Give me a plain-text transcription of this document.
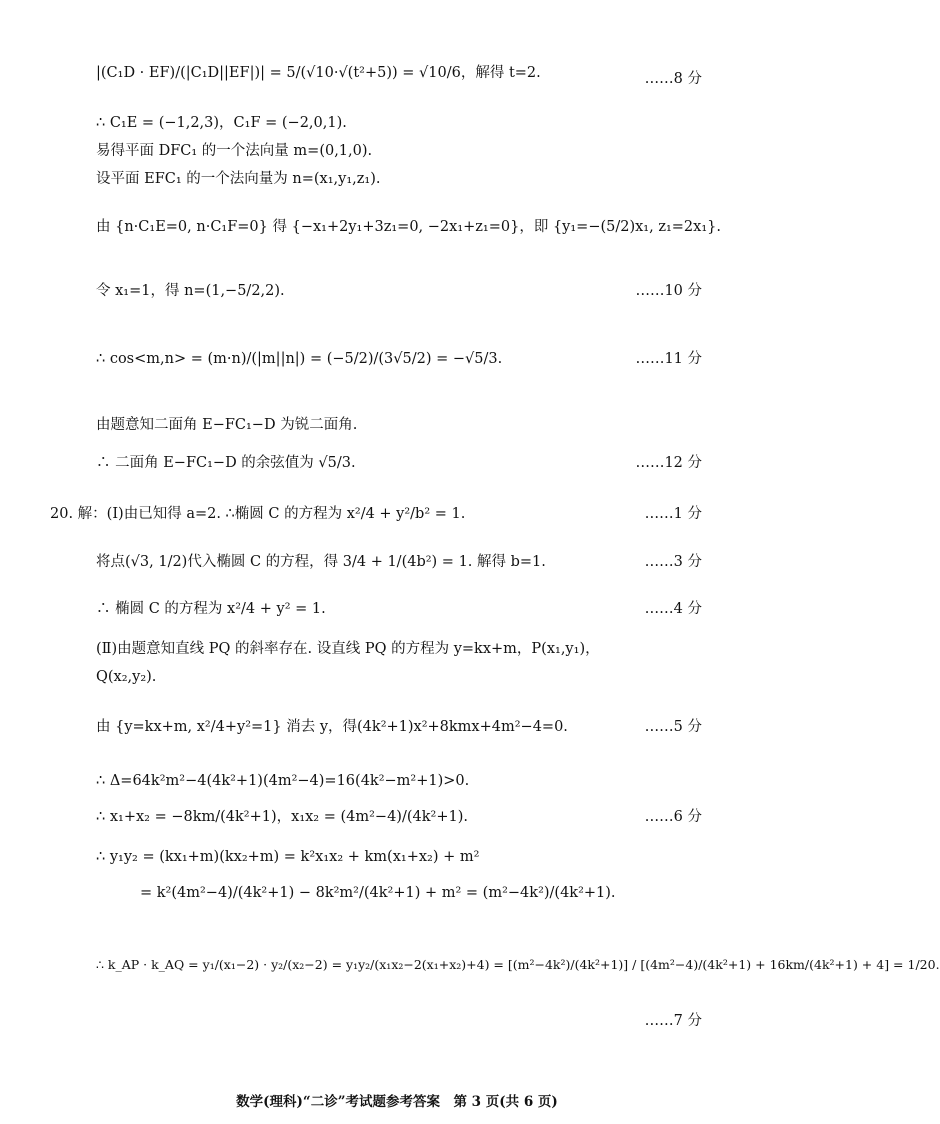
|(C₁D · EF)/(|C₁D||EF|)| = 5/(√10·√(t²+5)) = √10/6，解得 t=2.	……8 分
∴ C₁E = (−1,2,3)，C₁F = (−2,0,1).
易得平面 DFC₁ 的一个法向量 m=(0,1,0).
设平面 EFC₁ 的一个法向量为 n=(x₁,y₁,z₁).
由 {n·C₁E=0, n·C₁F=0} 得 {−x₁+2y₁+3z₁=0, −2x₁+z₁=0}，即 {y₁=−(5/2)x₁, z₁=2x₁}.
令 x₁=1，得 n=(1,−5/2,2).	……10 分
∴ cos<m,n> = (m·n)/(|m||n|) = (−5/2)/(3√5/2) = −√5/3.	……11 分
由题意知二面角 E−FC₁−D 为锐二面角.
∴ 二面角 E−FC₁−D 的余弦值为 √5/3.	……12 分
20. 解：(Ⅰ)由已知得 a=2. ∴椭圆 C 的方程为 x²/4 + y²/b² = 1.	……1 分
将点(√3, 1/2)代入椭圆 C 的方程，得 3/4 + 1/(4b²) = 1. 解得 b=1.	……3 分
∴ 椭圆 C 的方程为 x²/4 + y² = 1.	……4 分
(Ⅱ)由题意知直线 PQ 的斜率存在. 设直线 PQ 的方程为 y=kx+m，P(x₁,y₁)，
Q(x₂,y₂).
由 {y=kx+m, x²/4+y²=1} 消去 y，得(4k²+1)x²+8kmx+4m²−4=0.	……5 分
∴ Δ=64k²m²−4(4k²+1)(4m²−4)=16(4k²−m²+1)>0.
∴ x₁+x₂ = −8km/(4k²+1)，x₁x₂ = (4m²−4)/(4k²+1).	……6 分
∴ y₁y₂ = (kx₁+m)(kx₂+m) = k²x₁x₂ + km(x₁+x₂) + m²
= k²(4m²−4)/(4k²+1) − 8k²m²/(4k²+1) + m² = (m²−4k²)/(4k²+1).
∴ k_AP · k_AQ = y₁/(x₁−2) · y₂/(x₂−2) = y₁y₂/(x₁x₂−2(x₁+x₂)+4) = [(m²−4k²)/(4k²+1)] / [(4m²−4)/(4k²+1) + 16km/(4k²+1) + 4] = 1/20.
……7 分
数学(理科)“二诊”考试题参考答案　第 3 页(共 6 页)
